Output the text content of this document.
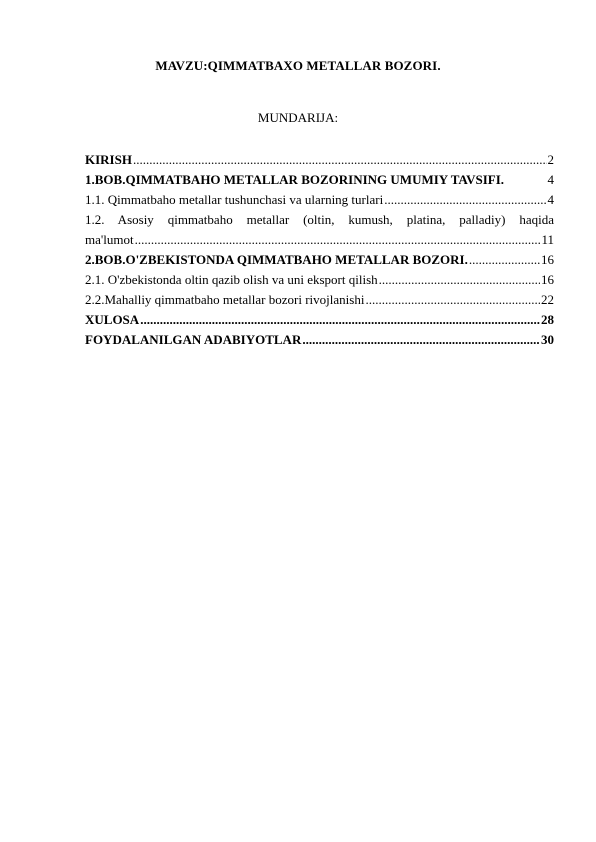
MAVZU:QIMMATBAXO METALLAR BOZORI.
MUNDARIJA:
KIRISH .....	2
1.BOB.QIMMATBAHO METALLAR BOZORINING UMUMIY TAVSIFI.	4
1.1. Qimmatbaho metallar tushunchasi va ularning turlari .....	4
1.2. Asosiy qimmatbaho metallar (oltin, kumush, platina, palladiy) haqida
ma'lumot .....	11
2.BOB.O'ZBEKISTONDA QIMMATBAHO METALLAR BOZORI. .....	16
2.1. O'zbekistonda oltin qazib olish va uni eksport qilish .....	16
2.2.Mahalliy qimmatbaho metallar bozori rivojlanishi .....	22
XULOSA .....	28
FOYDALANILGAN ADABIYOTLAR .....	30
